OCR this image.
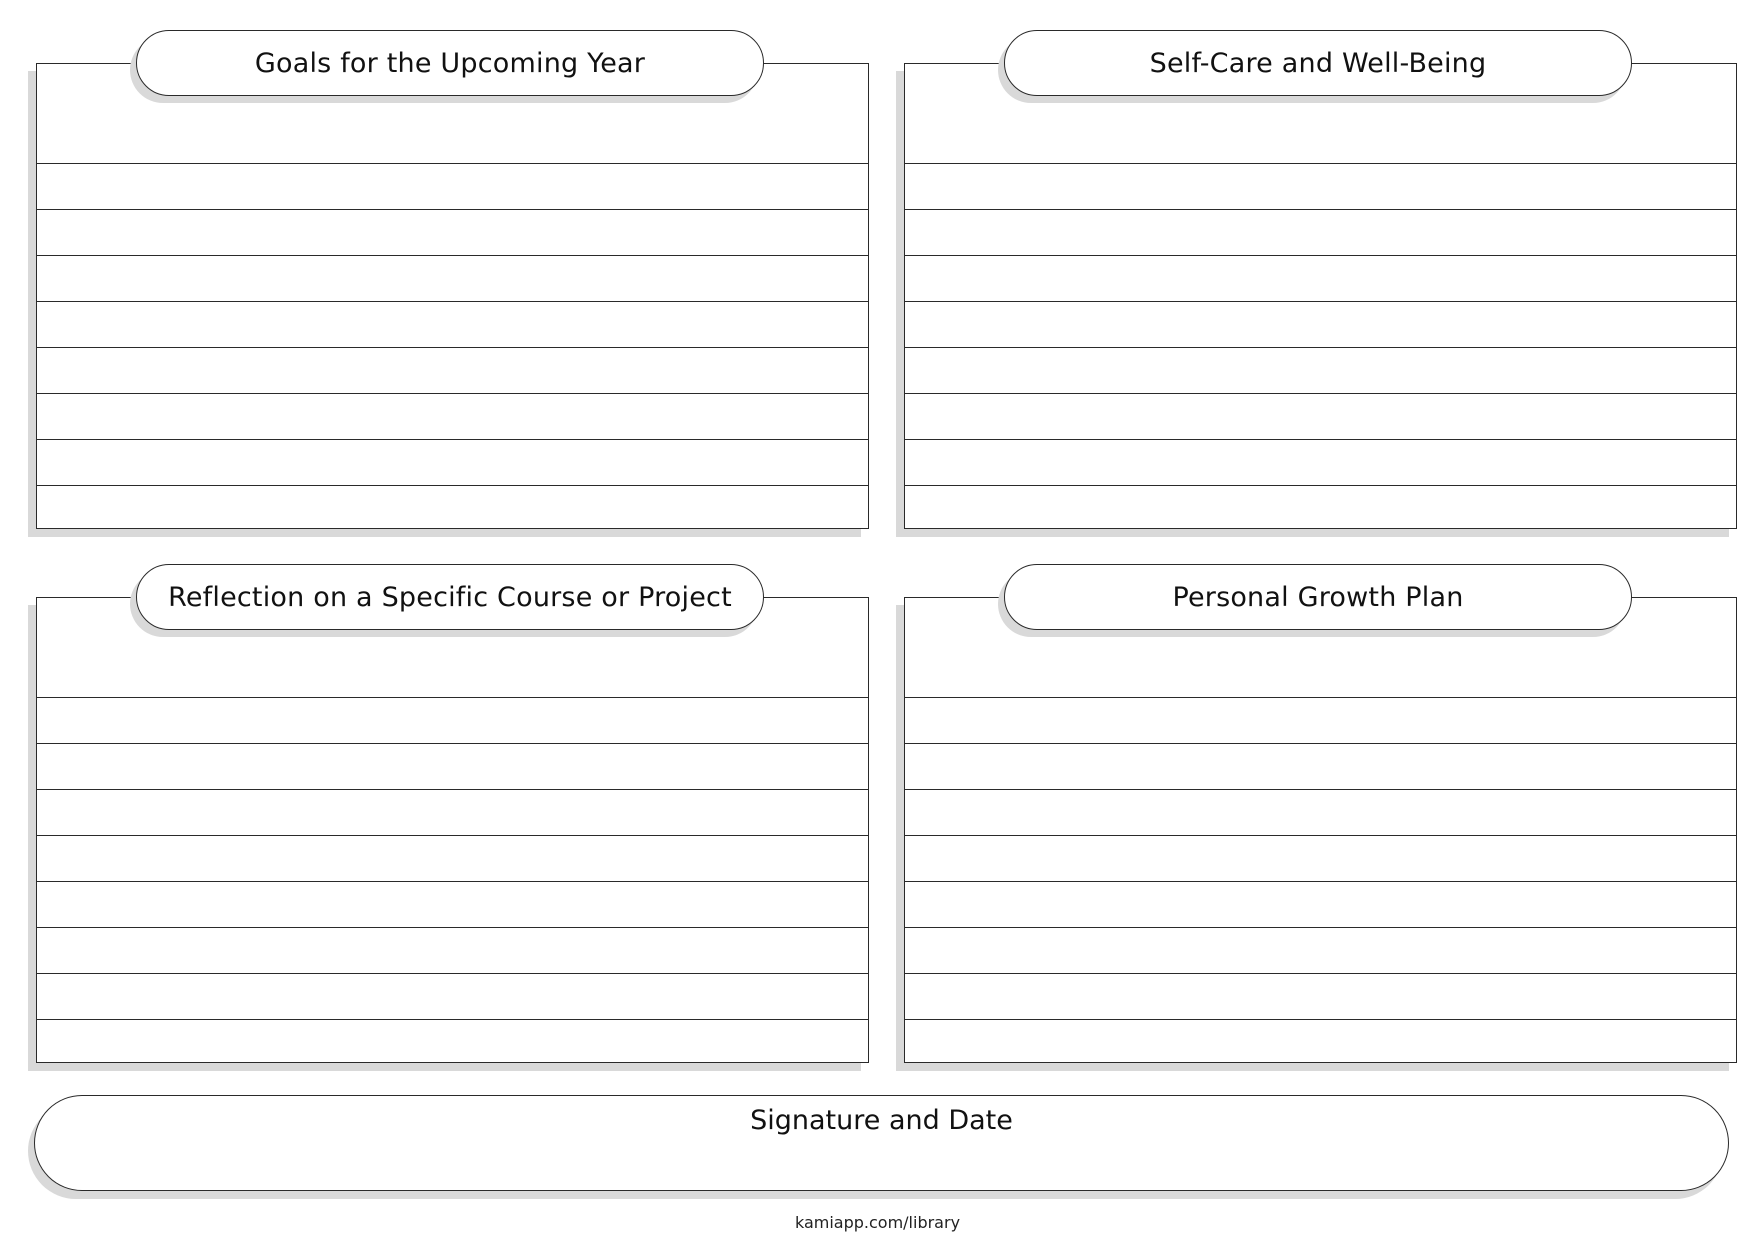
Goals for the Upcoming Year	Self-Care and Well-Being
Reflection on a Specific Course or Project	Personal Growth Plan
Signature and Date
kamiapp.com/library
